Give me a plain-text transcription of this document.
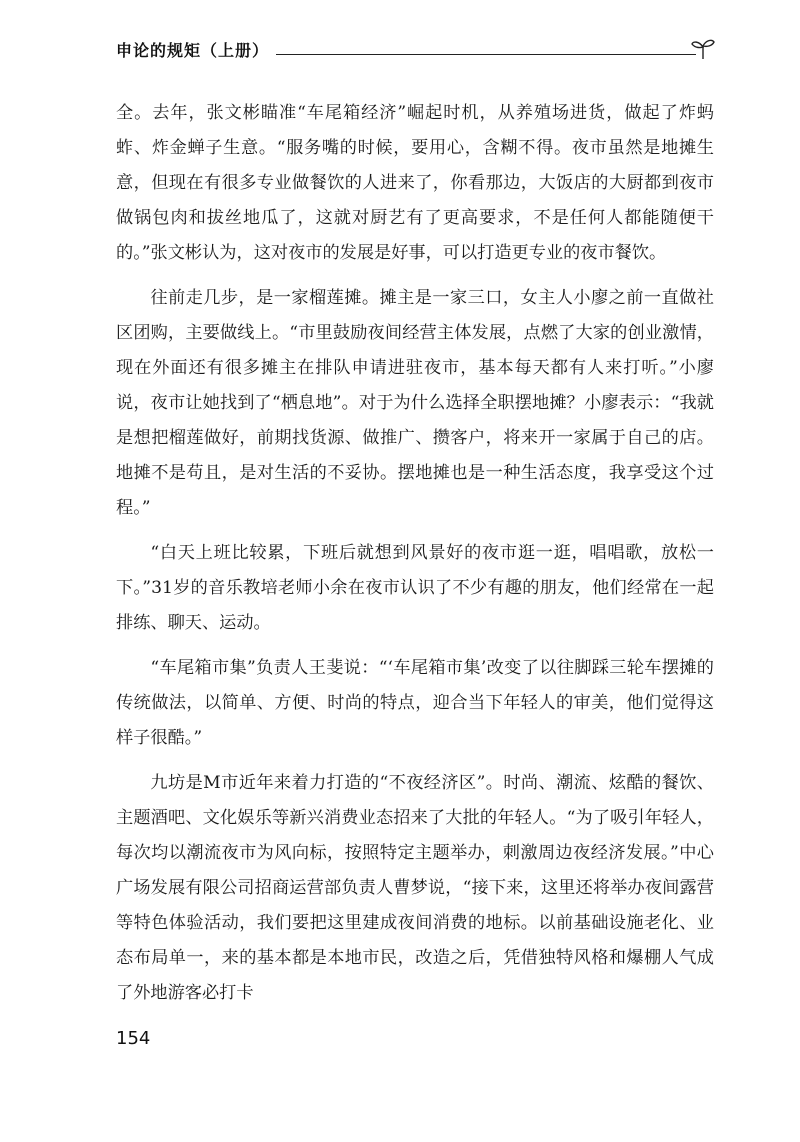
申论的规矩（上册）

全。去年，张文彬瞄准“车尾箱经济”崛起时机，从养殖场进货，做起了炸蚂蚱、炸金蝉子生意。“服务嘴的时候，要用心，含糊不得。夜市虽然是地摊生意，但现在有很多专业做餐饮的人进来了，你看那边，大饭店的大厨都到夜市做锅包肉和拔丝地瓜了，这就对厨艺有了更高要求，不是任何人都能随便干的。”张文彬认为，这对夜市的发展是好事，可以打造更专业的夜市餐饮。

往前走几步，是一家榴莲摊。摊主是一家三口，女主人小廖之前一直做社区团购，主要做线上。“市里鼓励夜间经营主体发展，点燃了大家的创业激情，现在外面还有很多摊主在排队申请进驻夜市，基本每天都有人来打听。”小廖说，夜市让她找到了“栖息地”。对于为什么选择全职摆地摊？小廖表示：“我就是想把榴莲做好，前期找货源、做推广、攒客户，将来开一家属于自己的店。地摊不是苟且，是对生活的不妥协。摆地摊也是一种生活态度，我享受这个过程。”

“白天上班比较累，下班后就想到风景好的夜市逛一逛，唱唱歌，放松一下。”31岁的音乐教培老师小余在夜市认识了不少有趣的朋友，他们经常在一起排练、聊天、运动。

“车尾箱市集”负责人王斐说：“‘车尾箱市集’改变了以往脚踩三轮车摆摊的传统做法，以简单、方便、时尚的特点，迎合当下年轻人的审美，他们觉得这样子很酷。”

九坊是M市近年来着力打造的“不夜经济区”。时尚、潮流、炫酷的餐饮、主题酒吧、文化娱乐等新兴消费业态招来了大批的年轻人。“为了吸引年轻人，每次均以潮流夜市为风向标，按照特定主题举办，刺激周边夜经济发展。”中心广场发展有限公司招商运营部负责人曹梦说，“接下来，这里还将举办夜间露营等特色体验活动，我们要把这里建成夜间消费的地标。以前基础设施老化、业态布局单一，来的基本都是本地市民，改造之后，凭借独特风格和爆棚人气成了外地游客必打卡

154
